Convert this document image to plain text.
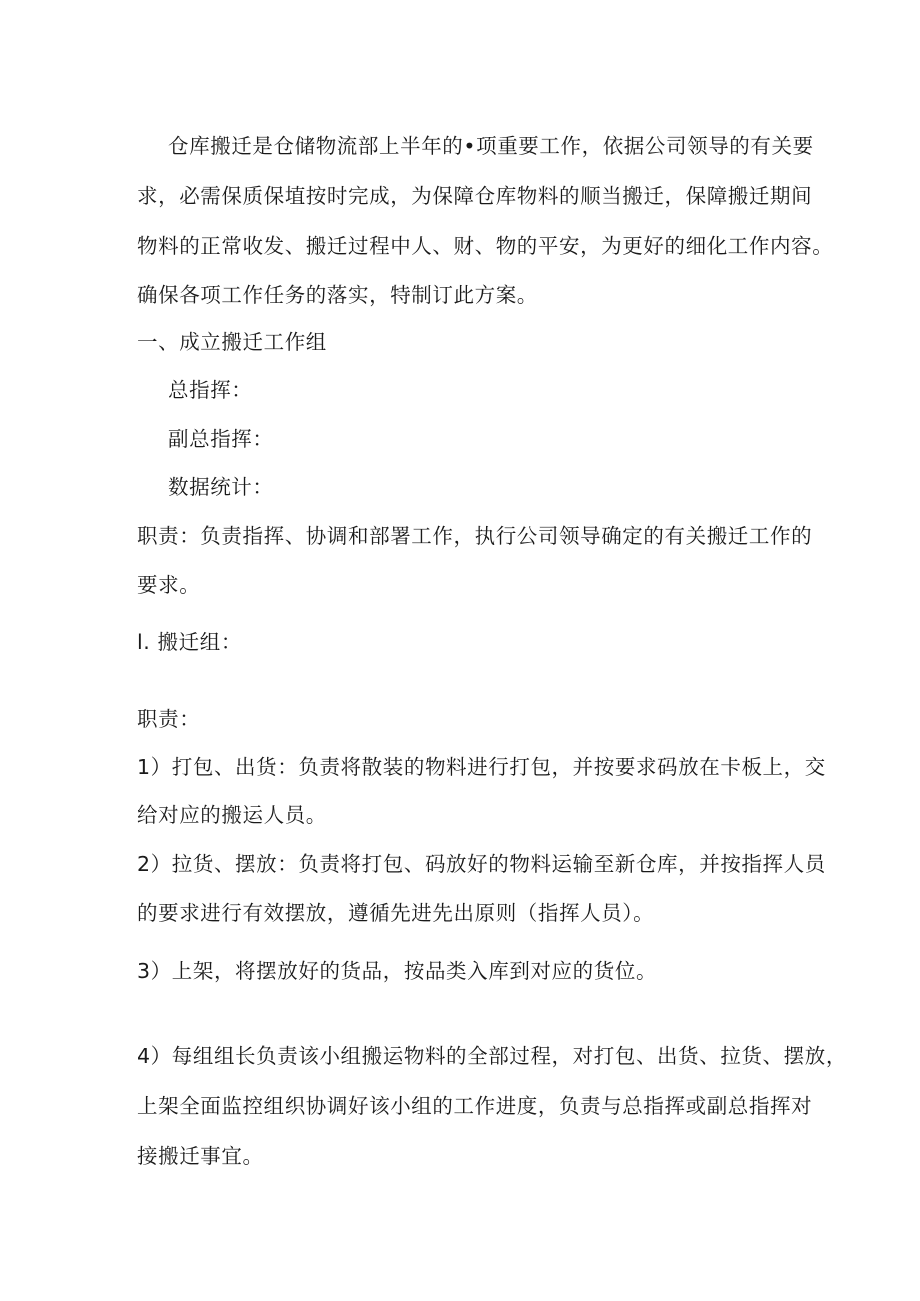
仓库搬迁是仓储物流部上半年的•项重要工作，依据公司领导的有关要
求，必需保质保埴按时完成，为保障仓库物料的顺当搬迁，保障搬迁期间
物料的正常收发、搬迁过程中人、财、物的平安，为更好的细化工作内容。
确保各项工作任务的落实，特制订此方案。
一、成立搬迁工作组
总指挥：
副总指挥：
数据统计：
职责：负责指挥、协调和部署工作，执行公司领导确定的有关搬迁工作的
要求。
l. 搬迁组：
职责：
1）打包、出货：负责将散装的物料进行打包，并按要求码放在卡板上，交
给对应的搬运人员。
2）拉货、摆放：负责将打包、码放好的物料运输至新仓库，并按指挥人员
的要求进行有效摆放，遵循先进先出原则（指挥人员）。
3）上架，将摆放好的货品，按品类入库到对应的货位。
4）每组组长负责该小组搬运物料的全部过程，对打包、出货、拉货、摆放，
上架全面监控组织协调好该小组的工作进度，负责与总指挥或副总指挥对
接搬迁事宜。
